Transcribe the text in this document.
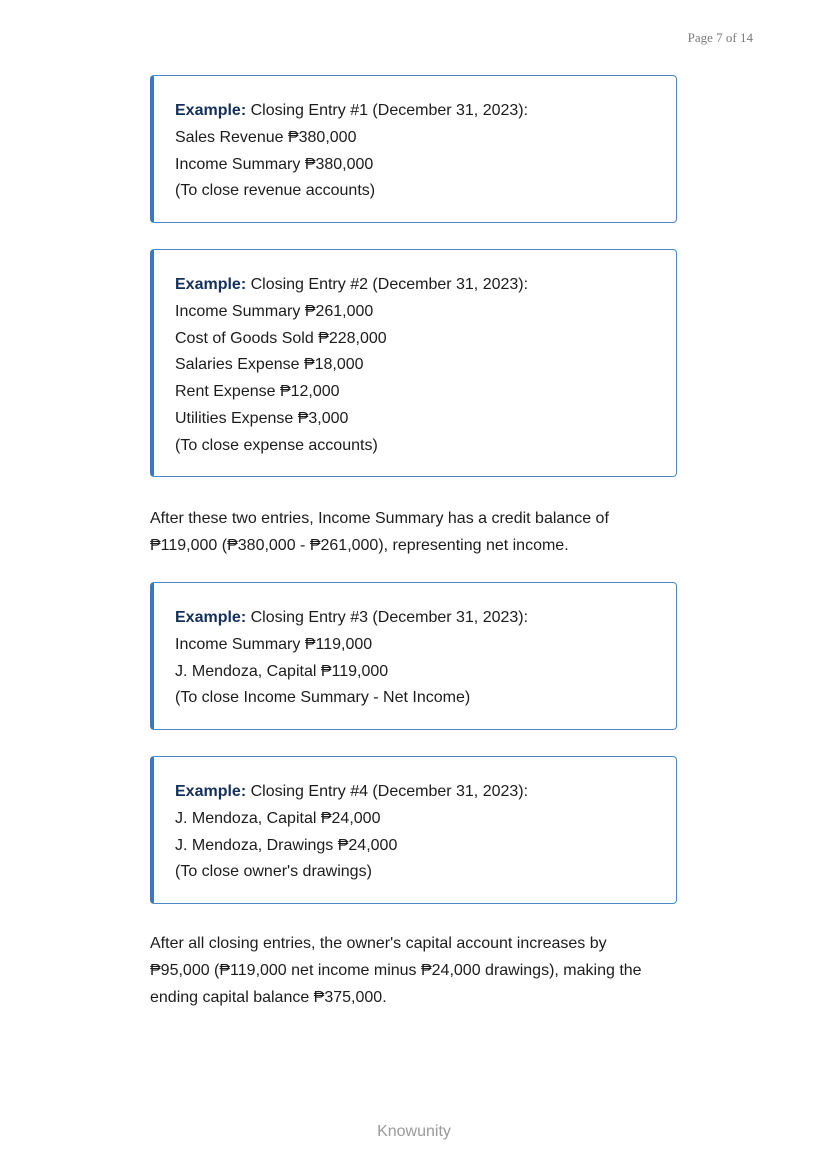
Page 7 of 14
Example: Closing Entry #1 (December 31, 2023):
Sales Revenue ₱380,000
Income Summary ₱380,000
(To close revenue accounts)
Example: Closing Entry #2 (December 31, 2023):
Income Summary ₱261,000
Cost of Goods Sold ₱228,000
Salaries Expense ₱18,000
Rent Expense ₱12,000
Utilities Expense ₱3,000
(To close expense accounts)
After these two entries, Income Summary has a credit balance of
₱119,000 (₱380,000 - ₱261,000), representing net income.
Example: Closing Entry #3 (December 31, 2023):
Income Summary ₱119,000
J. Mendoza, Capital ₱119,000
(To close Income Summary - Net Income)
Example: Closing Entry #4 (December 31, 2023):
J. Mendoza, Capital ₱24,000
J. Mendoza, Drawings ₱24,000
(To close owner's drawings)
After all closing entries, the owner's capital account increases by
₱95,000 (₱119,000 net income minus ₱24,000 drawings), making the
ending capital balance ₱375,000.
Knowunity
